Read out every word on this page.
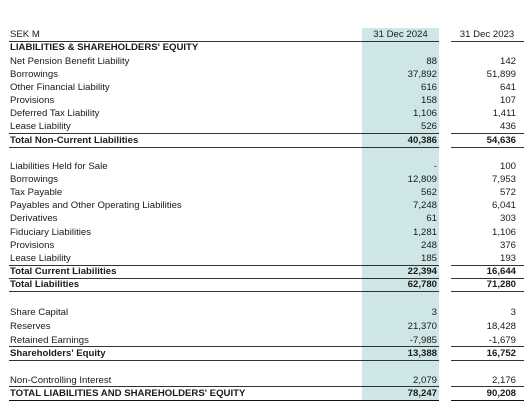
SEK M	31 Dec 2024	31 Dec 2023
LIABILITIES & SHAREHOLDERS' EQUITY
Net Pension Benefit Liability	88	142
Borrowings	37,892	51,899
Other Financial Liability	616	641
Provisions	158	107
Deferred Tax Liability	1,106	1,411
Lease Liability	526	436
Total Non-Current Liabilities	40,386	54,636
Liabilities Held for Sale	-	100
Borrowings	12,809	7,953
Tax Payable	562	572
Payables and Other Operating Liabilities	7,248	6,041
Derivatives	61	303
Fiduciary Liabilities	1,281	1,106
Provisions	248	376
Lease Liability	185	193
Total Current Liabilities	22,394	16,644
Total Liabilities	62,780	71,280
Share Capital	3	3
Reserves	21,370	18,428
Retained Earnings	-7,985	-1,679
Shareholders' Equity	13,388	16,752
Non-Controlling Interest	2,079	2,176
TOTAL LIABILITIES AND SHAREHOLDERS' EQUITY	78,247	90,208
